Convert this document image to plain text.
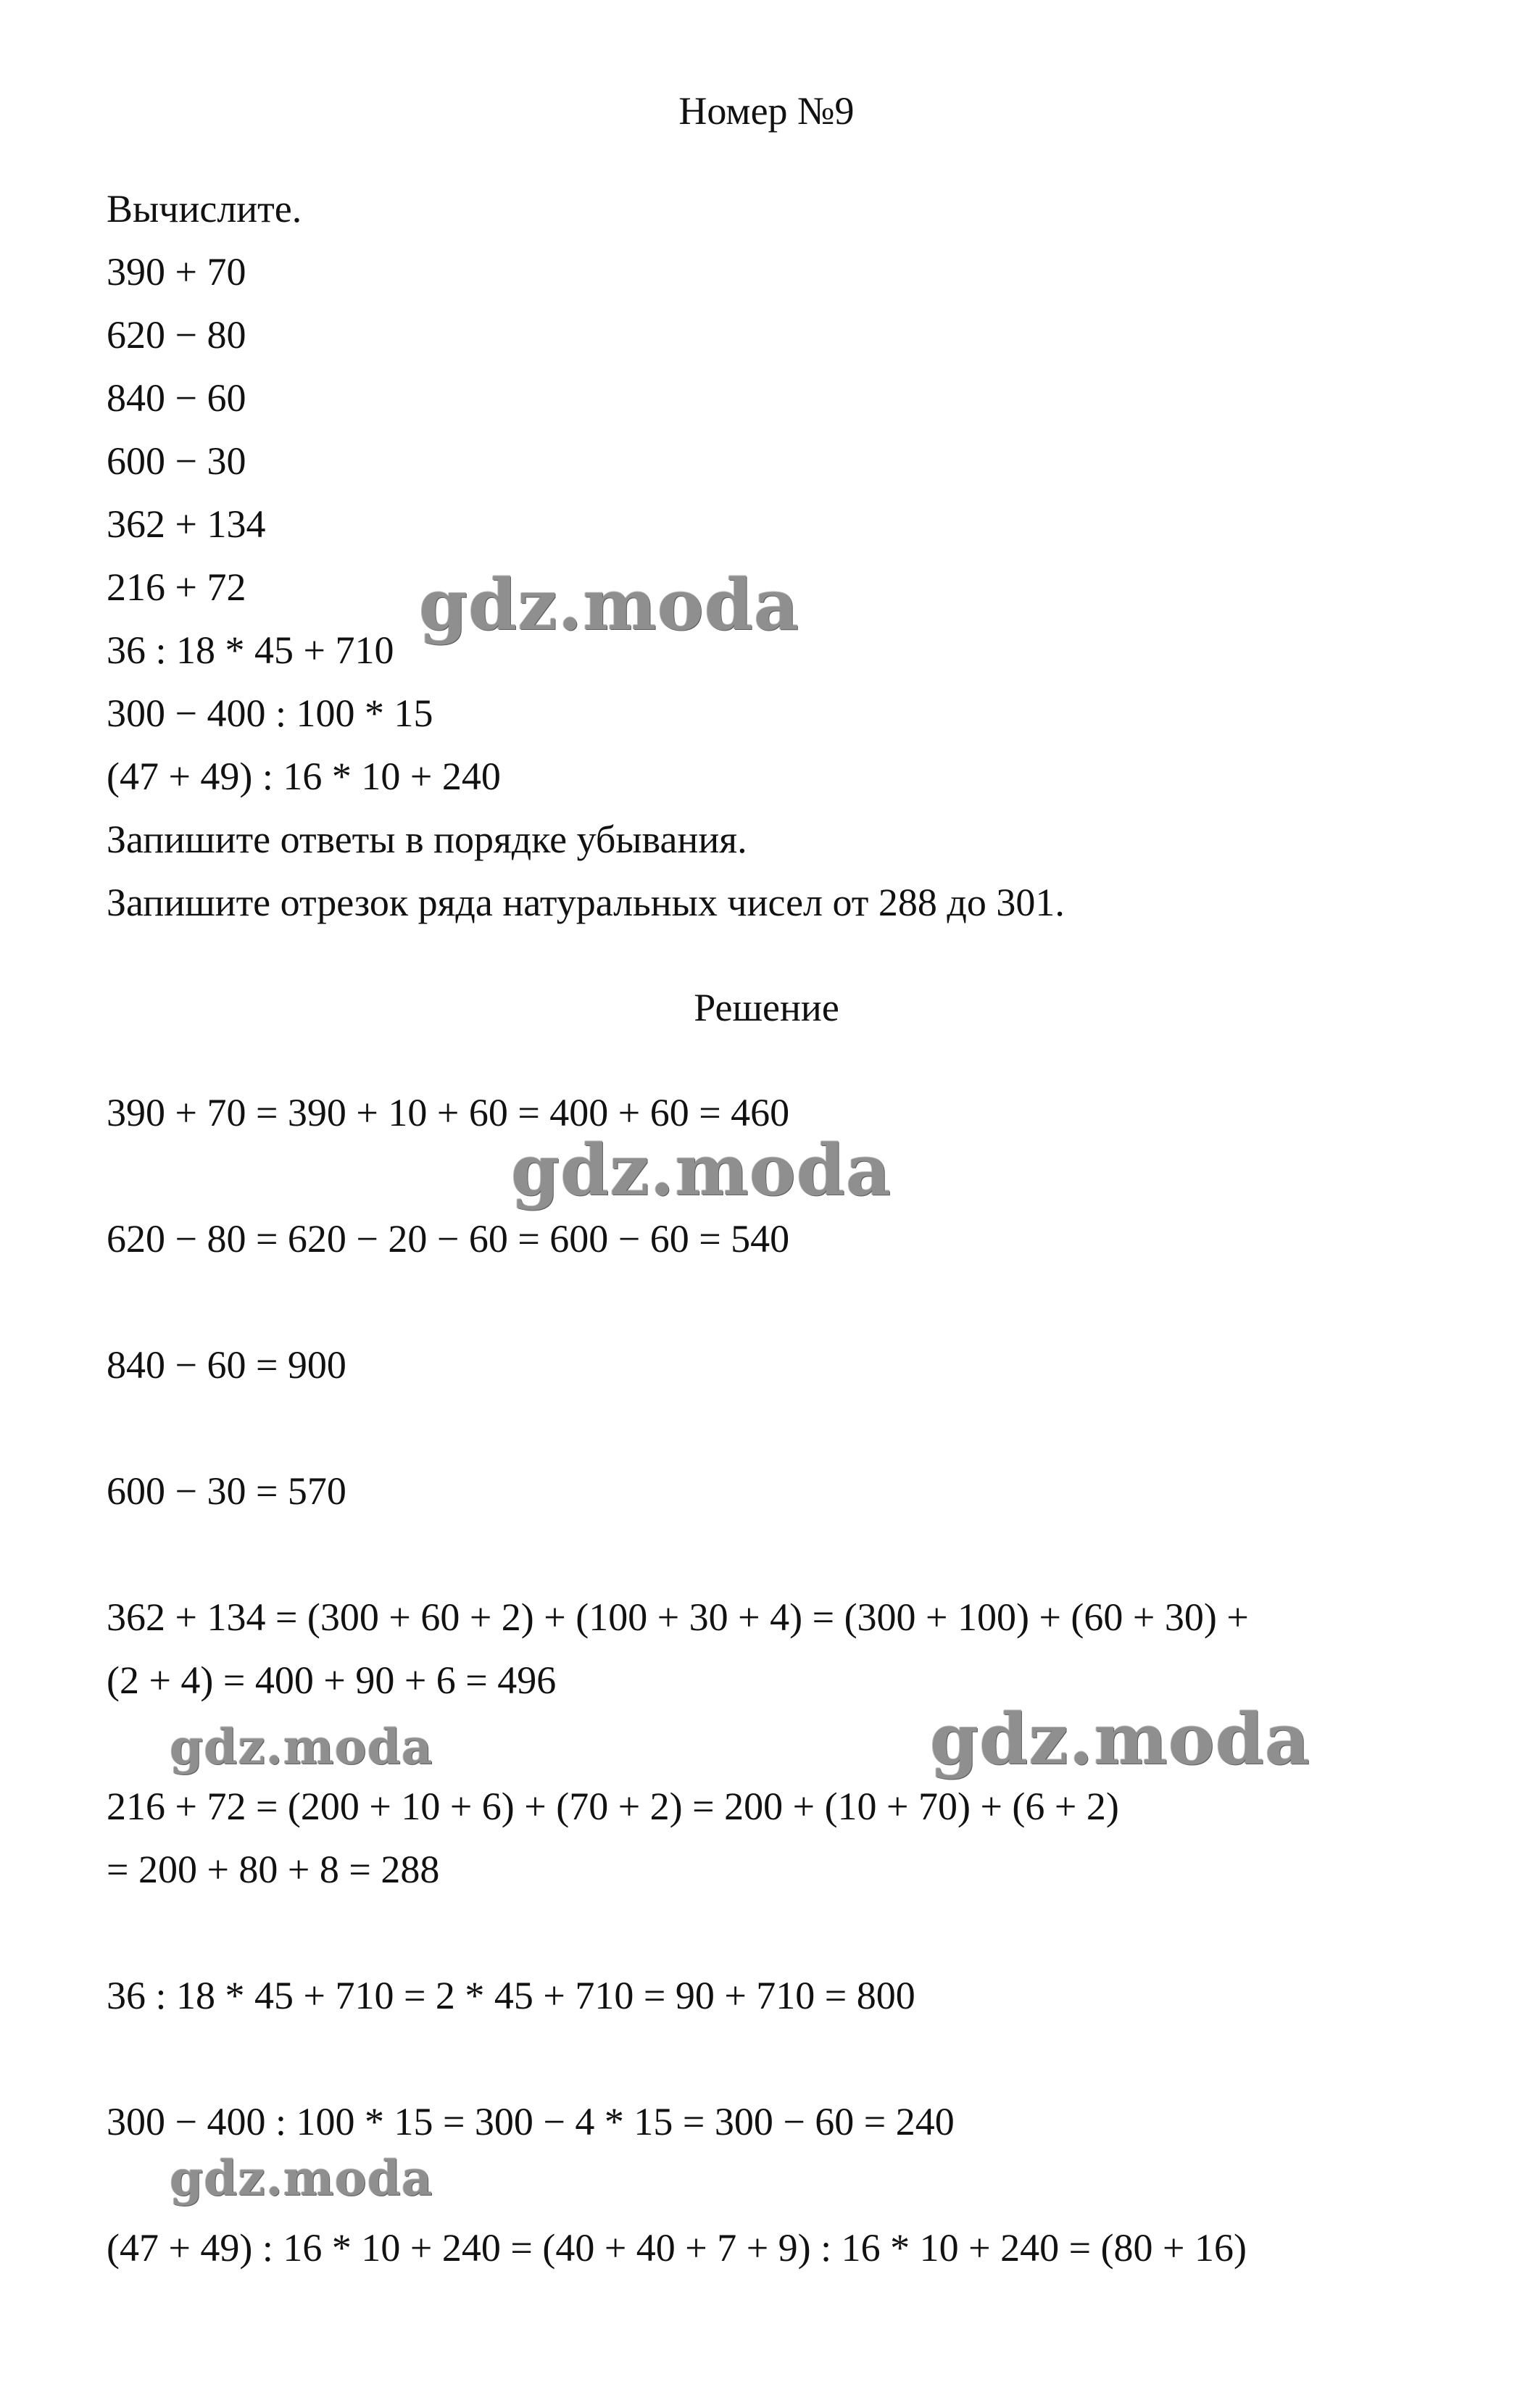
Номер №9
Вычислите.
390 + 70
620 − 80
840 − 60
600 − 30
362 + 134
216 + 72
36 : 18 * 45 + 710
300 − 400 : 100 * 15
(47 + 49) : 16 * 10 + 240
Запишите ответы в порядке убывания.
Запишите отрезок ряда натуральных чисел от 288 до 301.
Решение
390 + 70 = 390 + 10 + 60 = 400 + 60 = 460
620 − 80 = 620 − 20 − 60 = 600 − 60 = 540
840 − 60 = 900
600 − 30 = 570
362 + 134 = (300 + 60 + 2) + (100 + 30 + 4) = (300 + 100) + (60 + 30) +
(2 + 4) = 400 + 90 + 6 = 496
216 + 72 = (200 + 10 + 6) + (70 + 2) = 200 + (10 + 70) + (6 + 2)
= 200 + 80 + 8 = 288
36 : 18 * 45 + 710 = 2 * 45 + 710 = 90 + 710 = 800
300 − 400 : 100 * 15 = 300 − 4 * 15 = 300 − 60 = 240
(47 + 49) : 16 * 10 + 240 = (40 + 40 + 7 + 9) : 16 * 10 + 240 = (80 + 16)
gdz.moda
gdz.moda
gdz.moda	gdz.moda
gdz.moda
